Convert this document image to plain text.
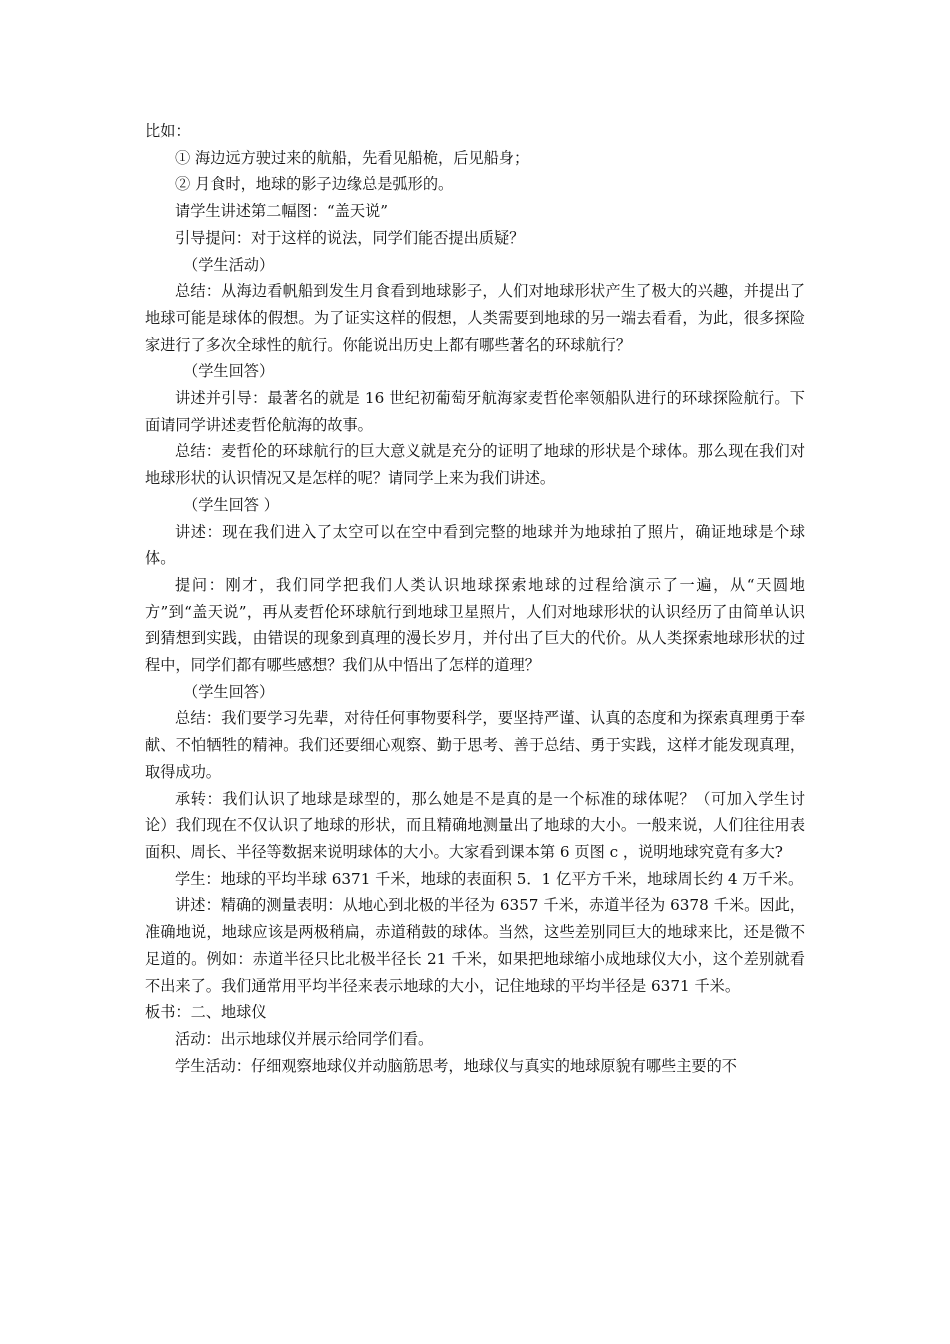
比如：

① 海边远方驶过来的航船，先看见船桅，后见船身；

② 月食时，地球的影子边缘总是弧形的。

请学生讲述第二幅图：“盖天说”

引导提问：对于这样的说法，同学们能否提出质疑？

（学生活动）

总结：从海边看帆船到发生月食看到地球影子，人们对地球形状产生了极大的兴趣，并提出了地球可能是球体的假想。为了证实这样的假想，人类需要到地球的另一端去看看，为此，很多探险家进行了多次全球性的航行。你能说出历史上都有哪些著名的环球航行？

（学生回答）

讲述并引导：最著名的就是 16 世纪初葡萄牙航海家麦哲伦率领船队进行的环球探险航行。下面请同学讲述麦哲伦航海的故事。

总结：麦哲伦的环球航行的巨大意义就是充分的证明了地球的形状是个球体。那么现在我们对地球形状的认识情况又是怎样的呢？请同学上来为我们讲述。

（学生回答 ）

讲述：现在我们进入了太空可以在空中看到完整的地球并为地球拍了照片，确证地球是个球体。

提问：刚才，我们同学把我们人类认识地球探索地球的过程给演示了一遍，从“天圆地方”到“盖天说”，再从麦哲伦环球航行到地球卫星照片，人们对地球形状的认识经历了由简单认识到猜想到实践，由错误的现象到真理的漫长岁月，并付出了巨大的代价。从人类探索地球形状的过程中，同学们都有哪些感想？我们从中悟出了怎样的道理？

（学生回答）

总结：我们要学习先辈，对待任何事物要科学，要坚持严谨、认真的态度和为探索真理勇于奉献、不怕牺牲的精神。我们还要细心观察、勤于思考、善于总结、勇于实践，这样才能发现真理，取得成功。

承转：我们认识了地球是球型的，那么她是不是真的是一个标准的球体呢？（可加入学生讨论）我们现在不仅认识了地球的形状，而且精确地测量出了地球的大小。一般来说，人们往往用表面积、周长、半径等数据来说明球体的大小。大家看到课本第 6 页图 c ，说明地球究竟有多大?

学生：地球的平均半球 6371 千米，地球的表面积 5．1 亿平方千米，地球周长约 4 万千米。

讲述：精确的测量表明：从地心到北极的半径为 6357 千米，赤道半径为 6378 千米。因此，准确地说，地球应该是两极稍扁，赤道稍鼓的球体。当然，这些差别同巨大的地球来比，还是微不足道的。例如：赤道半径只比北极半径长 21 千米，如果把地球缩小成地球仪大小，这个差别就看不出来了。我们通常用平均半径来表示地球的大小，记住地球的平均半径是 6371 千米。

板书：二、地球仪

活动：出示地球仪并展示给同学们看。

学生活动：仔细观察地球仪并动脑筋思考，地球仪与真实的地球原貌有哪些主要的不
